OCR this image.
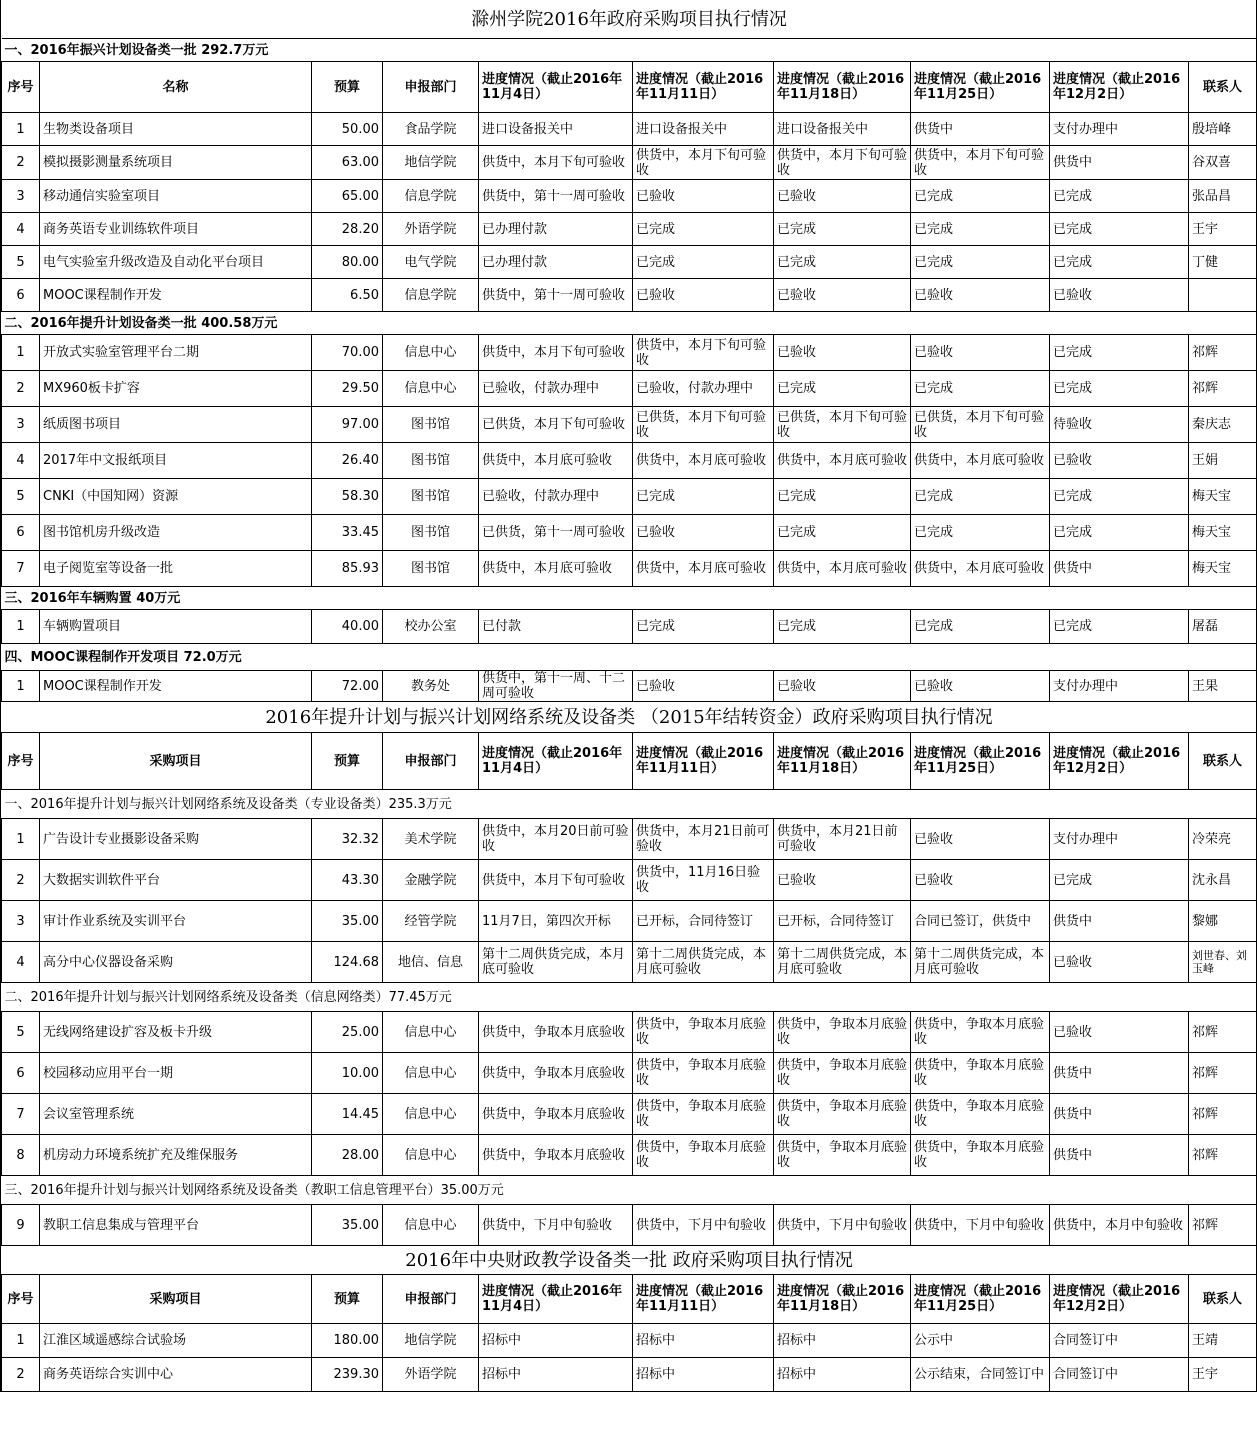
滁州学院2016年政府采购项目执行情况									
一、2016年振兴计划设备类一批 292.7万元									
序号	名称	预算	申报部门	进度情况（截止2016年11月4日）	进度情况（截止2016年11月11日）	进度情况（截止2016年11月18日）	进度情况（截止2016年11月25日）	进度情况（截止2016年12月2日）	联系人

1	生物类设备项目	50.00	食品学院	进口设备报关中	进口设备报关中	进口设备报关中	供货中	支付办理中	殷培峰

2	模拟摄影测量系统项目	63.00	地信学院	供货中，本月下旬可验收	供货中，本月下旬可验收	供货中，本月下旬可验收	供货中，本月下旬可验收	供货中	谷双喜

3	移动通信实验室项目	65.00	信息学院	供货中，第十一周可验收	已验收	已验收	已完成	已完成	张品昌

4	商务英语专业训练软件项目	28.20	外语学院	已办理付款	已完成	已完成	已完成	已完成	王宇

5	电气实验室升级改造及自动化平台项目	80.00	电气学院	已办理付款	已完成	已完成	已完成	已完成	丁健

6	MOOC课程制作开发	6.50	信息学院	供货中，第十一周可验收	已验收	已验收	已验收	已验收	

二、2016年提升计划设备类一批 400.58万元									

1	开放式实验室管理平台二期	70.00	信息中心	供货中，本月下旬可验收	供货中，本月下旬可验收	已验收	已验收	已完成	祁辉

2	MX960板卡扩容	29.50	信息中心	已验收，付款办理中	已验收，付款办理中	已完成	已完成	已完成	祁辉

3	纸质图书项目	97.00	图书馆	已供货，本月下旬可验收	已供货，本月下旬可验收	已供货，本月下旬可验收	已供货，本月下旬可验收	待验收	秦庆志

4	2017年中文报纸项目	26.40	图书馆	供货中，本月底可验收	供货中，本月底可验收	供货中，本月底可验收	供货中，本月底可验收	已验收	王娟

5	CNKI（中国知网）资源	58.30	图书馆	已验收，付款办理中	已完成	已完成	已完成	已完成	梅天宝

6	图书馆机房升级改造	33.45	图书馆	已供货，第十一周可验收	已验收	已完成	已完成	已完成	梅天宝

7	电子阅览室等设备一批	85.93	图书馆	供货中，本月底可验收	供货中，本月底可验收	供货中，本月底可验收	供货中，本月底可验收	供货中	梅天宝

三、2016年车辆购置 40万元									

1	车辆购置项目	40.00	校办公室	已付款	已完成	已完成	已完成	已完成	屠磊

四、MOOC课程制作开发项目 72.0万元									

1	MOOC课程制作开发	72.00	教务处	供货中，第十一周、十二周可验收	已验收	已验收	已验收	支付办理中	王果

2016年提升计划与振兴计划网络系统及设备类 （2015年结转资金）政府采购项目执行情况									
序号	采购项目	预算	申报部门	进度情况（截止2016年11月4日）	进度情况（截止2016年11月11日）	进度情况（截止2016年11月18日）	进度情况（截止2016年11月25日）	进度情况（截止2016年12月2日）	联系人
一、2016年提升计划与振兴计划网络系统及设备类（专业设备类）235.3万元									

1	广告设计专业摄影设备采购	32.32	美术学院	供货中，本月20日前可验收	供货中，本月21日前可验收	供货中，本月21日前可验收	已验收	支付办理中	冷荣亮

2	大数据实训软件平台	43.30	金融学院	供货中，本月下旬可验收	供货中，11月16日验收	已验收	已验收	已完成	沈永昌

3	审计作业系统及实训平台	35.00	经管学院	11月7日，第四次开标	已开标，合同待签订	已开标，合同待签订	合同已签订，供货中	供货中	黎娜

4	高分中心仪器设备采购	124.68	地信、信息	第十二周供货完成，本月底可验收	第十二周供货完成，本月底可验收	第十二周供货完成，本月底可验收	第十二周供货完成，本月底可验收	已验收	刘世春、刘玉峰

二、2016年提升计划与振兴计划网络系统及设备类（信息网络类）77.45万元									

5	无线网络建设扩容及板卡升级	25.00	信息中心	供货中，争取本月底验收	供货中，争取本月底验收	供货中，争取本月底验收	供货中，争取本月底验收	已验收	祁辉

6	校园移动应用平台一期	10.00	信息中心	供货中，争取本月底验收	供货中，争取本月底验收	供货中，争取本月底验收	供货中，争取本月底验收	供货中	祁辉

7	会议室管理系统	14.45	信息中心	供货中，争取本月底验收	供货中，争取本月底验收	供货中，争取本月底验收	供货中，争取本月底验收	供货中	祁辉

8	机房动力环境系统扩充及维保服务	28.00	信息中心	供货中，争取本月底验收	供货中，争取本月底验收	供货中，争取本月底验收	供货中，争取本月底验收	供货中	祁辉

三、2016年提升计划与振兴计划网络系统及设备类（教职工信息管理平台）35.00万元									

9	教职工信息集成与管理平台	35.00	信息中心	供货中，下月中旬验收	供货中，下月中旬验收	供货中，下月中旬验收	供货中，下月中旬验收	供货中，本月中旬验收	祁辉

2016年中央财政教学设备类一批 政府采购项目执行情况									
序号	采购项目	预算	申报部门	进度情况（截止2016年11月4日）	进度情况（截止2016年11月11日）	进度情况（截止2016年11月18日）	进度情况（截止2016年11月25日）	进度情况（截止2016年12月2日）	联系人

1	江淮区域遥感综合试验场	180.00	地信学院	招标中	招标中	招标中	公示中	合同签订中	王靖

2	商务英语综合实训中心	239.30	外语学院	招标中	招标中	招标中	公示结束，合同签订中	合同签订中	王宇
